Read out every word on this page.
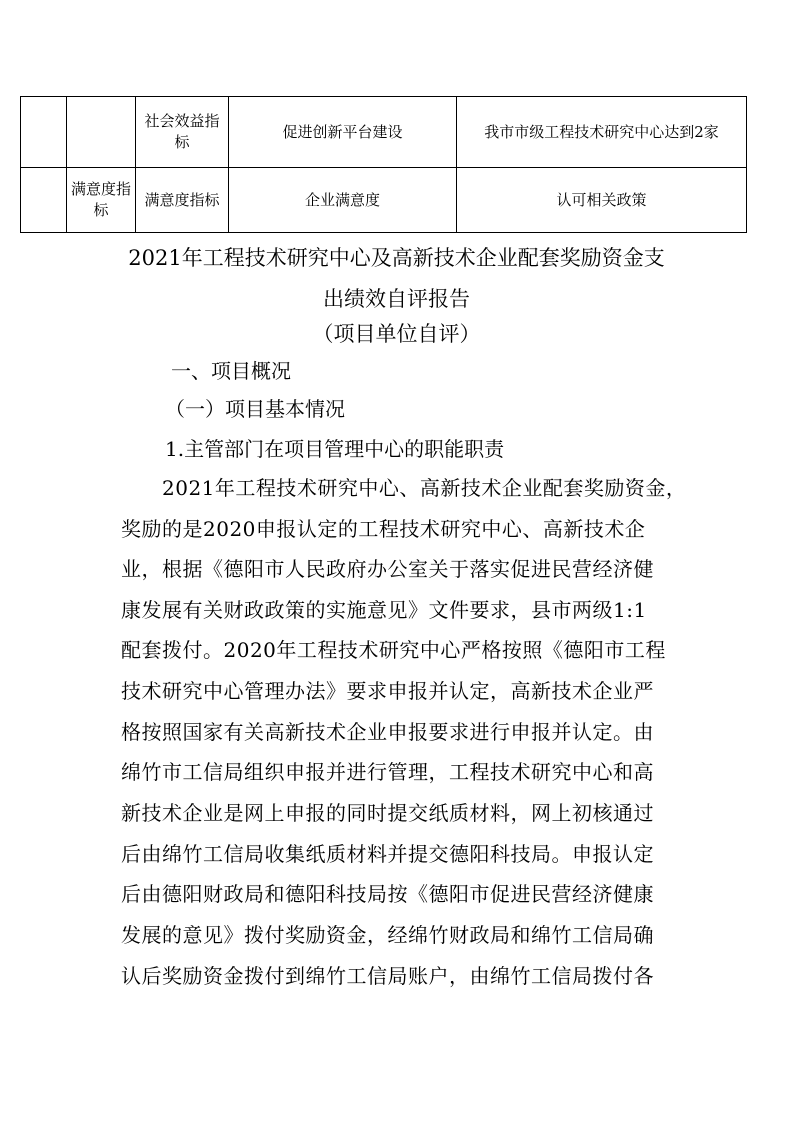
		社会效益指标	促进创新平台建设	我市市级工程技术研究中心达到2家
	满意度指标	满意度指标	企业满意度	认可相关政策
2021年工程技术研究中心及高新技术企业配套奖励资金支
出绩效自评报告
（项目单位自评）
一、项目概况
（一）项目基本情况
1.主管部门在项目管理中心的职能职责
2021年工程技术研究中心、高新技术企业配套奖励资金，
奖励的是2020申报认定的工程技术研究中心、高新技术企
业，根据《德阳市人民政府办公室关于落实促进民营经济健
康发展有关财政政策的实施意见》文件要求，县市两级1:1
配套拨付。2020年工程技术研究中心严格按照《德阳市工程
技术研究中心管理办法》要求申报并认定，高新技术企业严
格按照国家有关高新技术企业申报要求进行申报并认定。由
绵竹市工信局组织申报并进行管理，工程技术研究中心和高
新技术企业是网上申报的同时提交纸质材料，网上初核通过
后由绵竹工信局收集纸质材料并提交德阳科技局。申报认定
后由德阳财政局和德阳科技局按《德阳市促进民营经济健康
发展的意见》拨付奖励资金，经绵竹财政局和绵竹工信局确
认后奖励资金拨付到绵竹工信局账户，由绵竹工信局拨付各
